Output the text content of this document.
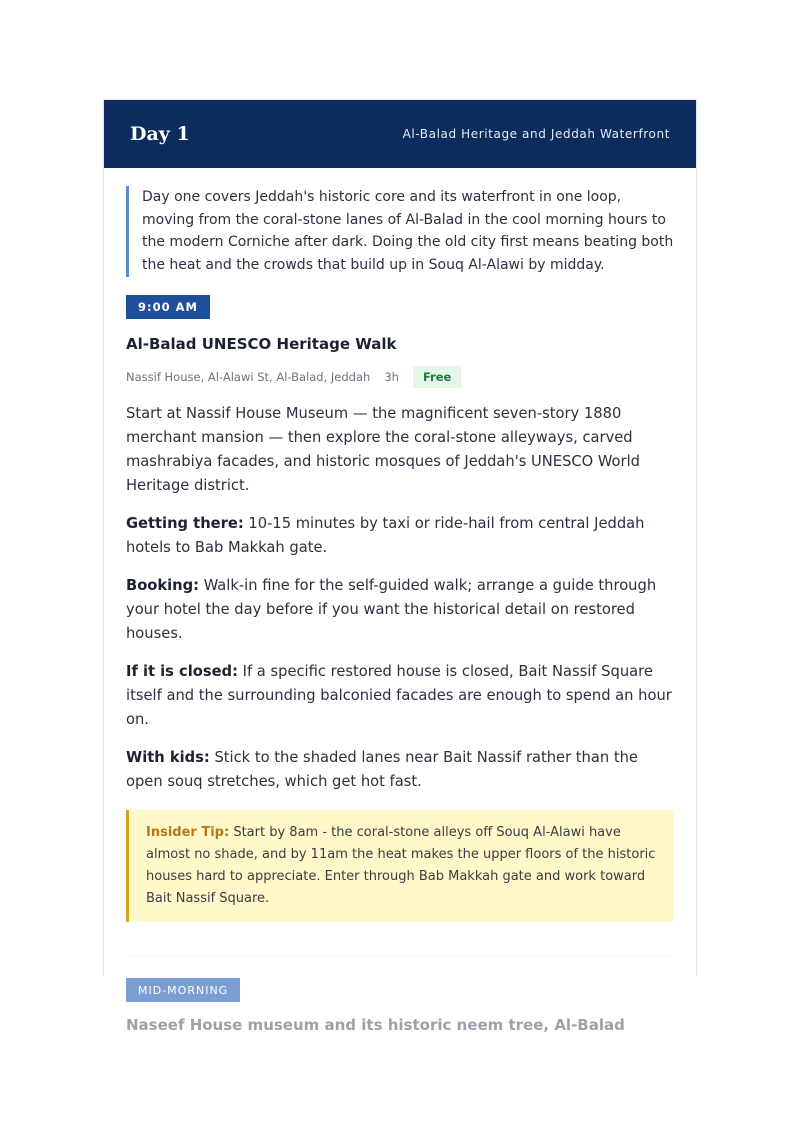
Day 1	Al-Balad Heritage and Jeddah Waterfront
Day one covers Jeddah's historic core and its waterfront in one loop, moving from the coral-stone lanes of Al-Balad in the cool morning hours to the modern Corniche after dark. Doing the old city first means beating both the heat and the crowds that build up in Souq Al-Alawi by midday.
9:00 AM
Al-Balad UNESCO Heritage Walk
Nassif House, Al-Alawi St, Al-Balad, Jeddah 3h	Free
Start at Nassif House Museum — the magnificent seven-story 1880 merchant mansion — then explore the coral-stone alleyways, carved mashrabiya facades, and historic mosques of Jeddah's UNESCO World Heritage district.
Getting there: 10-15 minutes by taxi or ride-hail from central Jeddah hotels to Bab Makkah gate.
Booking: Walk-in fine for the self-guided walk; arrange a guide through your hotel the day before if you want the historical detail on restored houses.
If it is closed: If a specific restored house is closed, Bait Nassif Square itself and the surrounding balconied facades are enough to spend an hour on.
With kids: Stick to the shaded lanes near Bait Nassif rather than the open souq stretches, which get hot fast.
Insider Tip: Start by 8am - the coral-stone alleys off Souq Al-Alawi have almost no shade, and by 11am the heat makes the upper floors of the historic houses hard to appreciate. Enter through Bab Makkah gate and work toward Bait Nassif Square.
MID-MORNING
Naseef House museum and its historic neem tree, Al-Balad
